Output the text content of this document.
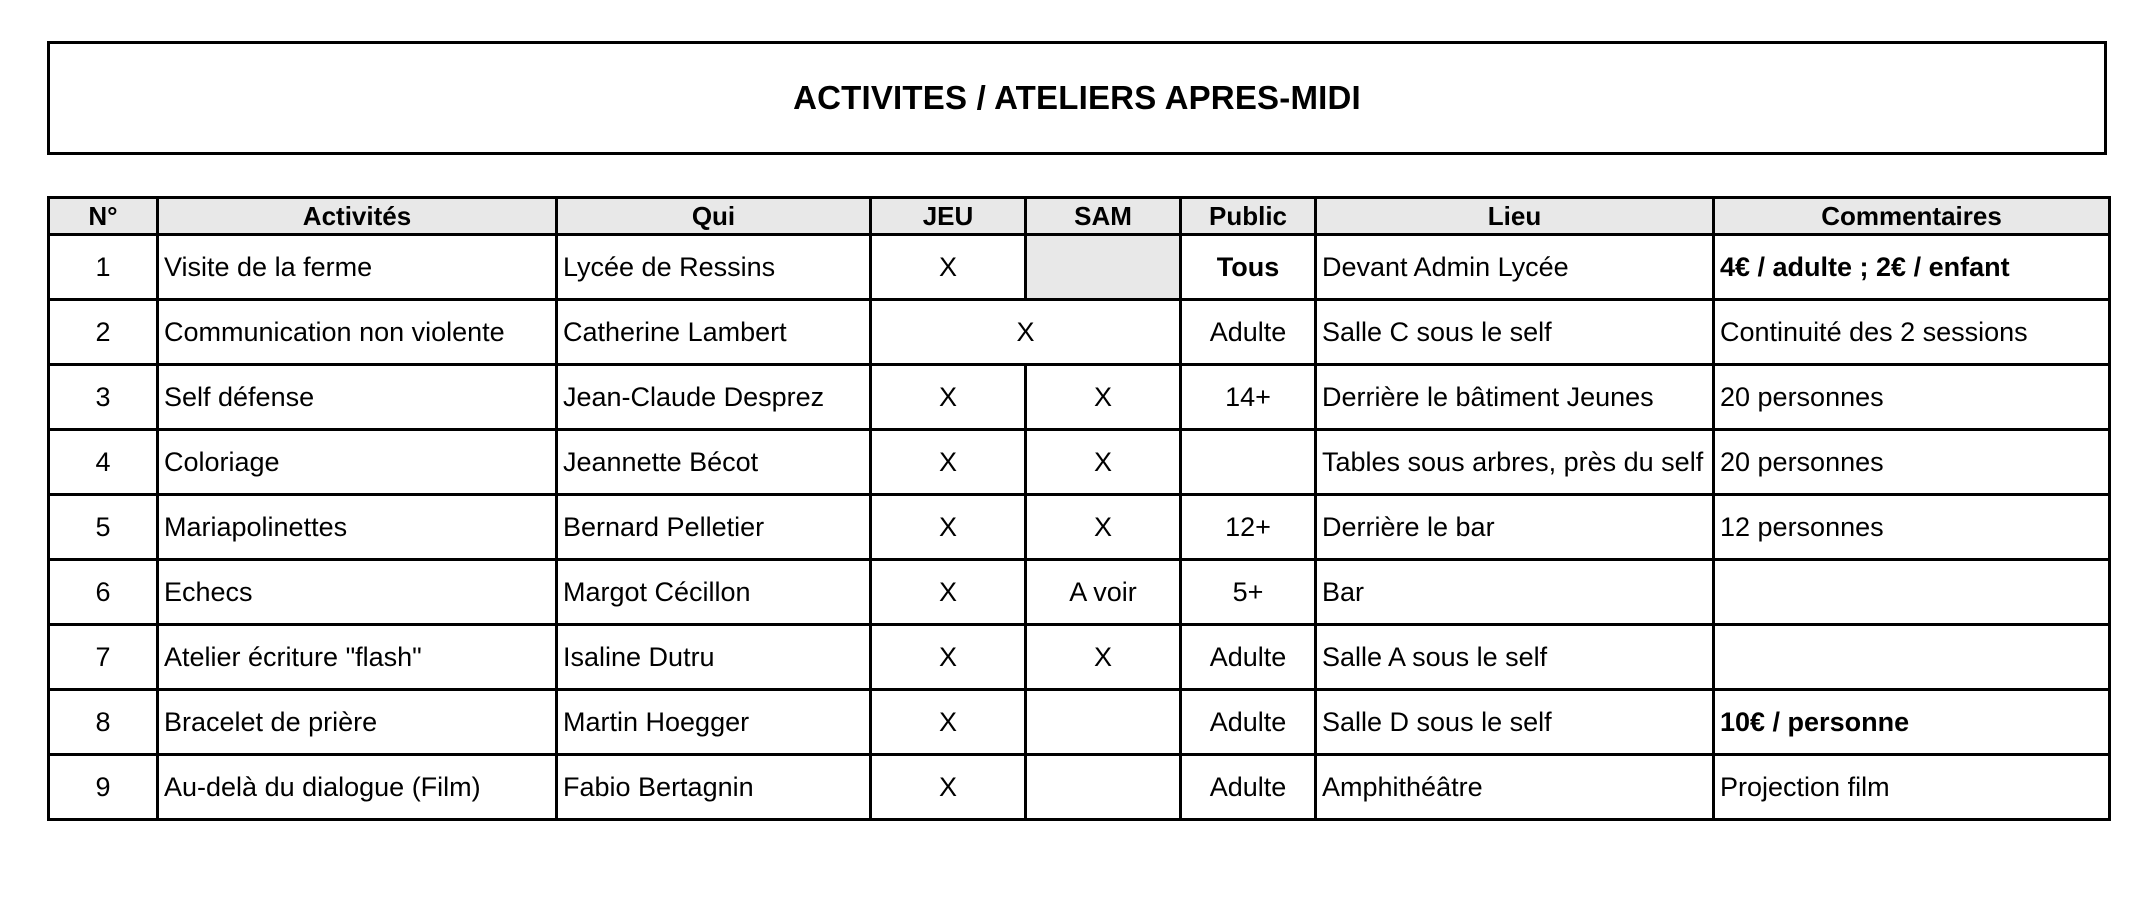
ACTIVITES / ATELIERS APRES-MIDI
N°	Activités	Qui	JEU	SAM	Public	Lieu	Commentaires
1	Visite de la ferme	Lycée de Ressins	X		Tous	Devant Admin Lycée	4€ / adulte ; 2€ / enfant
2	Communication non violente	Catherine Lambert	X		Adulte	Salle C sous le self	Continuité des 2 sessions
3	Self défense	Jean-Claude Desprez	X	X	14+	Derrière le bâtiment Jeunes	20 personnes
4	Coloriage	Jeannette Bécot	X	X		Tables sous arbres, près du self	20 personnes
5	Mariapolinettes	Bernard Pelletier	X	X	12+	Derrière le bar	12 personnes
6	Echecs	Margot Cécillon	X	A voir	5+	Bar	
7	Atelier écriture "flash"	Isaline Dutru	X	X	Adulte	Salle A sous le self	
8	Bracelet de prière	Martin Hoegger	X		Adulte	Salle D sous le self	10€ / personne
9	Au-delà du dialogue (Film)	Fabio Bertagnin	X		Adulte	Amphithéâtre	Projection film
